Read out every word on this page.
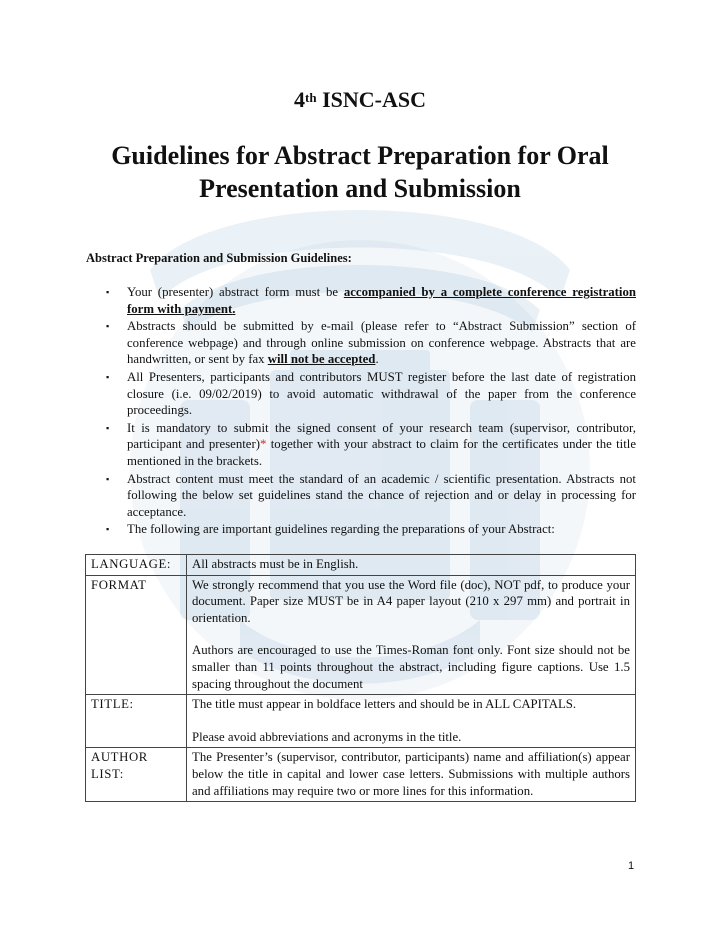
4th ISNC-ASC
Guidelines for Abstract Preparation for Oral Presentation and Submission
Abstract Preparation and Submission Guidelines:
▪ Your (presenter) abstract form must be accompanied by a complete conference registration form with payment.
▪ Abstracts should be submitted by e-mail (please refer to “Abstract Submission” section of conference webpage) and through online submission on conference webpage. Abstracts that are handwritten, or sent by fax will not be accepted.
▪ All Presenters, participants and contributors MUST register before the last date of registration closure (i.e. 09/02/2019) to avoid automatic withdrawal of the paper from the conference proceedings.
▪ It is mandatory to submit the signed consent of your research team (supervisor, contributor, participant and presenter)* together with your abstract to claim for the certificates under the title mentioned in the brackets.
▪ Abstract content must meet the standard of an academic / scientific presentation. Abstracts not following the below set guidelines stand the chance of rejection and or delay in processing for acceptance.
▪ The following are important guidelines regarding the preparations of your Abstract:
LANGUAGE:	All abstracts must be in English.

FORMAT	We strongly recommend that you use the Word file (doc), NOT pdf, to produce your document. Paper size MUST be in A4 paper layout (210 x 297 mm) and portrait in orientation.

Authors are encouraged to use the Times-Roman font only. Font size should not be smaller than 11 points throughout the abstract, including figure captions. Use 1.5 spacing throughout the document

TITLE:	The title must appear in boldface letters and should be in ALL CAPITALS.

Please avoid abbreviations and acronyms in the title.

AUTHOR LIST:	The Presenter’s (supervisor, contributor, participants) name and affiliation(s) appear below the title in capital and lower case letters. Submissions with multiple authors and affiliations may require two or more lines for this information.

1
